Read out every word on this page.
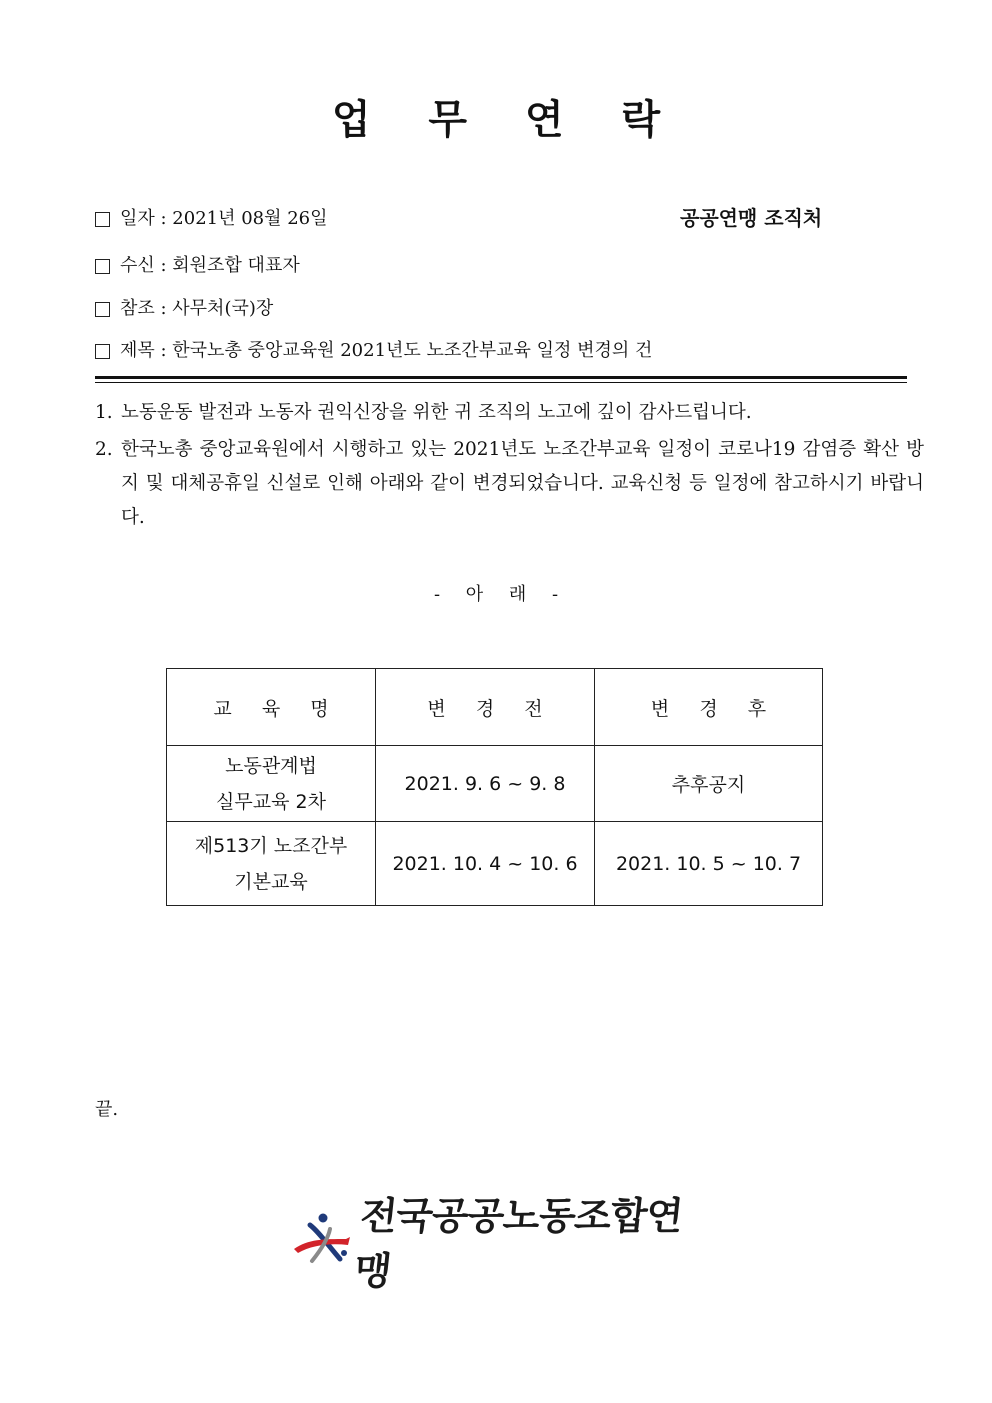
업 무 연 락
일자 : 2021년 08월 26일	공공연맹 조직처
수신 : 회원조합 대표자
참조 : 사무처(국)장
제목 : 한국노총 중앙교육원 2021년도 노조간부교육 일정 변경의 건
1. 노동운동 발전과 노동자 권익신장을 위한 귀 조직의 노고에 깊이 감사드립니다.
2. 한국노총 중앙교육원에서 시행하고 있는 2021년도 노조간부교육 일정이 코로나19 감염증 확산 방지 및 대체공휴일 신설로 인해 아래와 같이 변경되었습니다. 교육신청 등 일정에 참고하시기 바랍니다.
- 아 래 -
교 육 명	변 경 전	변 경 후

노동관계법
실무교육 2차	2021. 9. 6 ~ 9. 8	추후공지

제513기 노조간부
기본교육	2021. 10. 4 ~ 10. 6	2021. 10. 5 ~ 10. 7
끝.
전국공공노동조합연맹
